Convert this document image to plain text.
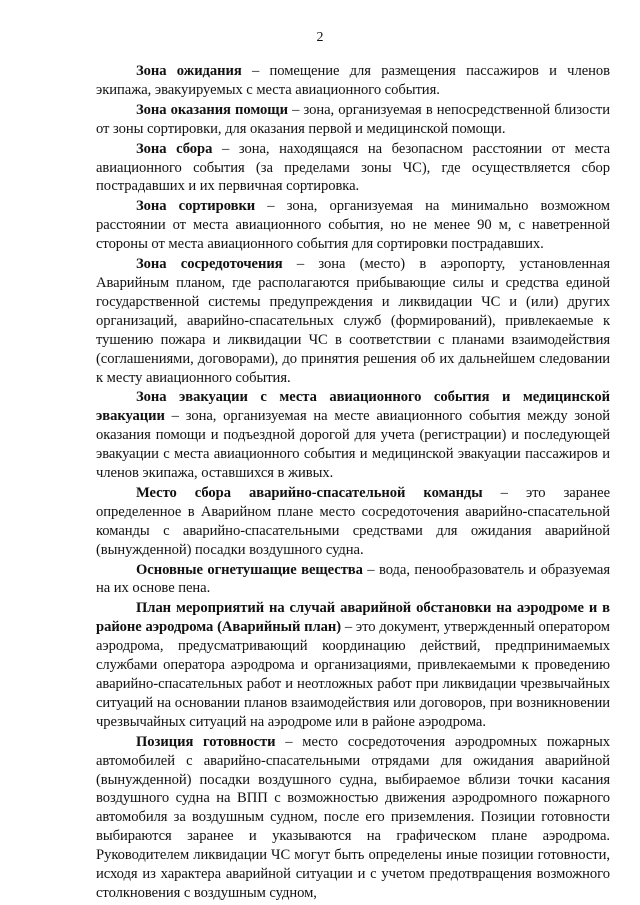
2

Зона ожидания – помещение для размещения пассажиров и членов экипажа, эвакуируемых с места авиационного события.

Зона оказания помощи – зона, организуемая в непосредственной близости от зоны сортировки, для оказания первой и медицинской помощи.

Зона сбора – зона, находящаяся на безопасном расстоянии от места авиационного события (за пределами зоны ЧС), где осуществляется сбор пострадавших и их первичная сортировка.

Зона сортировки – зона, организуемая на минимально возможном расстоянии от места авиационного события, но не менее 90 м, с наветренной стороны от места авиационного события для сортировки пострадавших.

Зона сосредоточения – зона (место) в аэропорту, установленная Аварийным планом, где располагаются прибывающие силы и средства единой государственной системы предупреждения и ликвидации ЧС и (или) других организаций, аварийно-спасательных служб (формирований), привлекаемые к тушению пожара и ликвидации ЧС в соответствии с планами взаимодействия (соглашениями, договорами), до принятия решения об их дальнейшем следовании к месту авиационного события.

Зона эвакуации с места авиационного события и медицинской эвакуации – зона, организуемая на месте авиационного события между зоной оказания помощи и подъездной дорогой для учета (регистрации) и последующей эвакуации с места авиационного события и медицинской эвакуации пассажиров и членов экипажа, оставшихся в живых.

Место сбора аварийно-спасательной команды – это заранее определенное в Аварийном плане место сосредоточения аварийно-спасательной команды с аварийно-спасательными средствами для ожидания аварийной (вынужденной) посадки воздушного судна.

Основные огнетушащие вещества – вода, пенообразователь и образуемая на их основе пена.

План мероприятий на случай аварийной обстановки на аэродроме и в районе аэродрома (Аварийный план) – это документ, утвержденный оператором аэродрома, предусматривающий координацию действий, предпринимаемых службами оператора аэродрома и организациями, привлекаемыми к проведению аварийно-спасательных работ и неотложных работ при ликвидации чрезвычайных ситуаций на основании планов взаимодействия или договоров, при возникновении чрезвычайных ситуаций на аэродроме или в районе аэродрома.

Позиция готовности – место сосредоточения аэродромных пожарных автомобилей с аварийно-спасательными отрядами для ожидания аварийной (вынужденной) посадки воздушного судна, выбираемое вблизи точки касания воздушного судна на ВПП с возможностью движения аэродромного пожарного автомобиля за воздушным судном, после его приземления. Позиции готовности выбираются заранее и указываются на графическом плане аэродрома. Руководителем ликвидации ЧС могут быть определены иные позиции готовности, исходя из характера аварийной ситуации и с учетом предотвращения возможного столкновения с воздушным судном,
